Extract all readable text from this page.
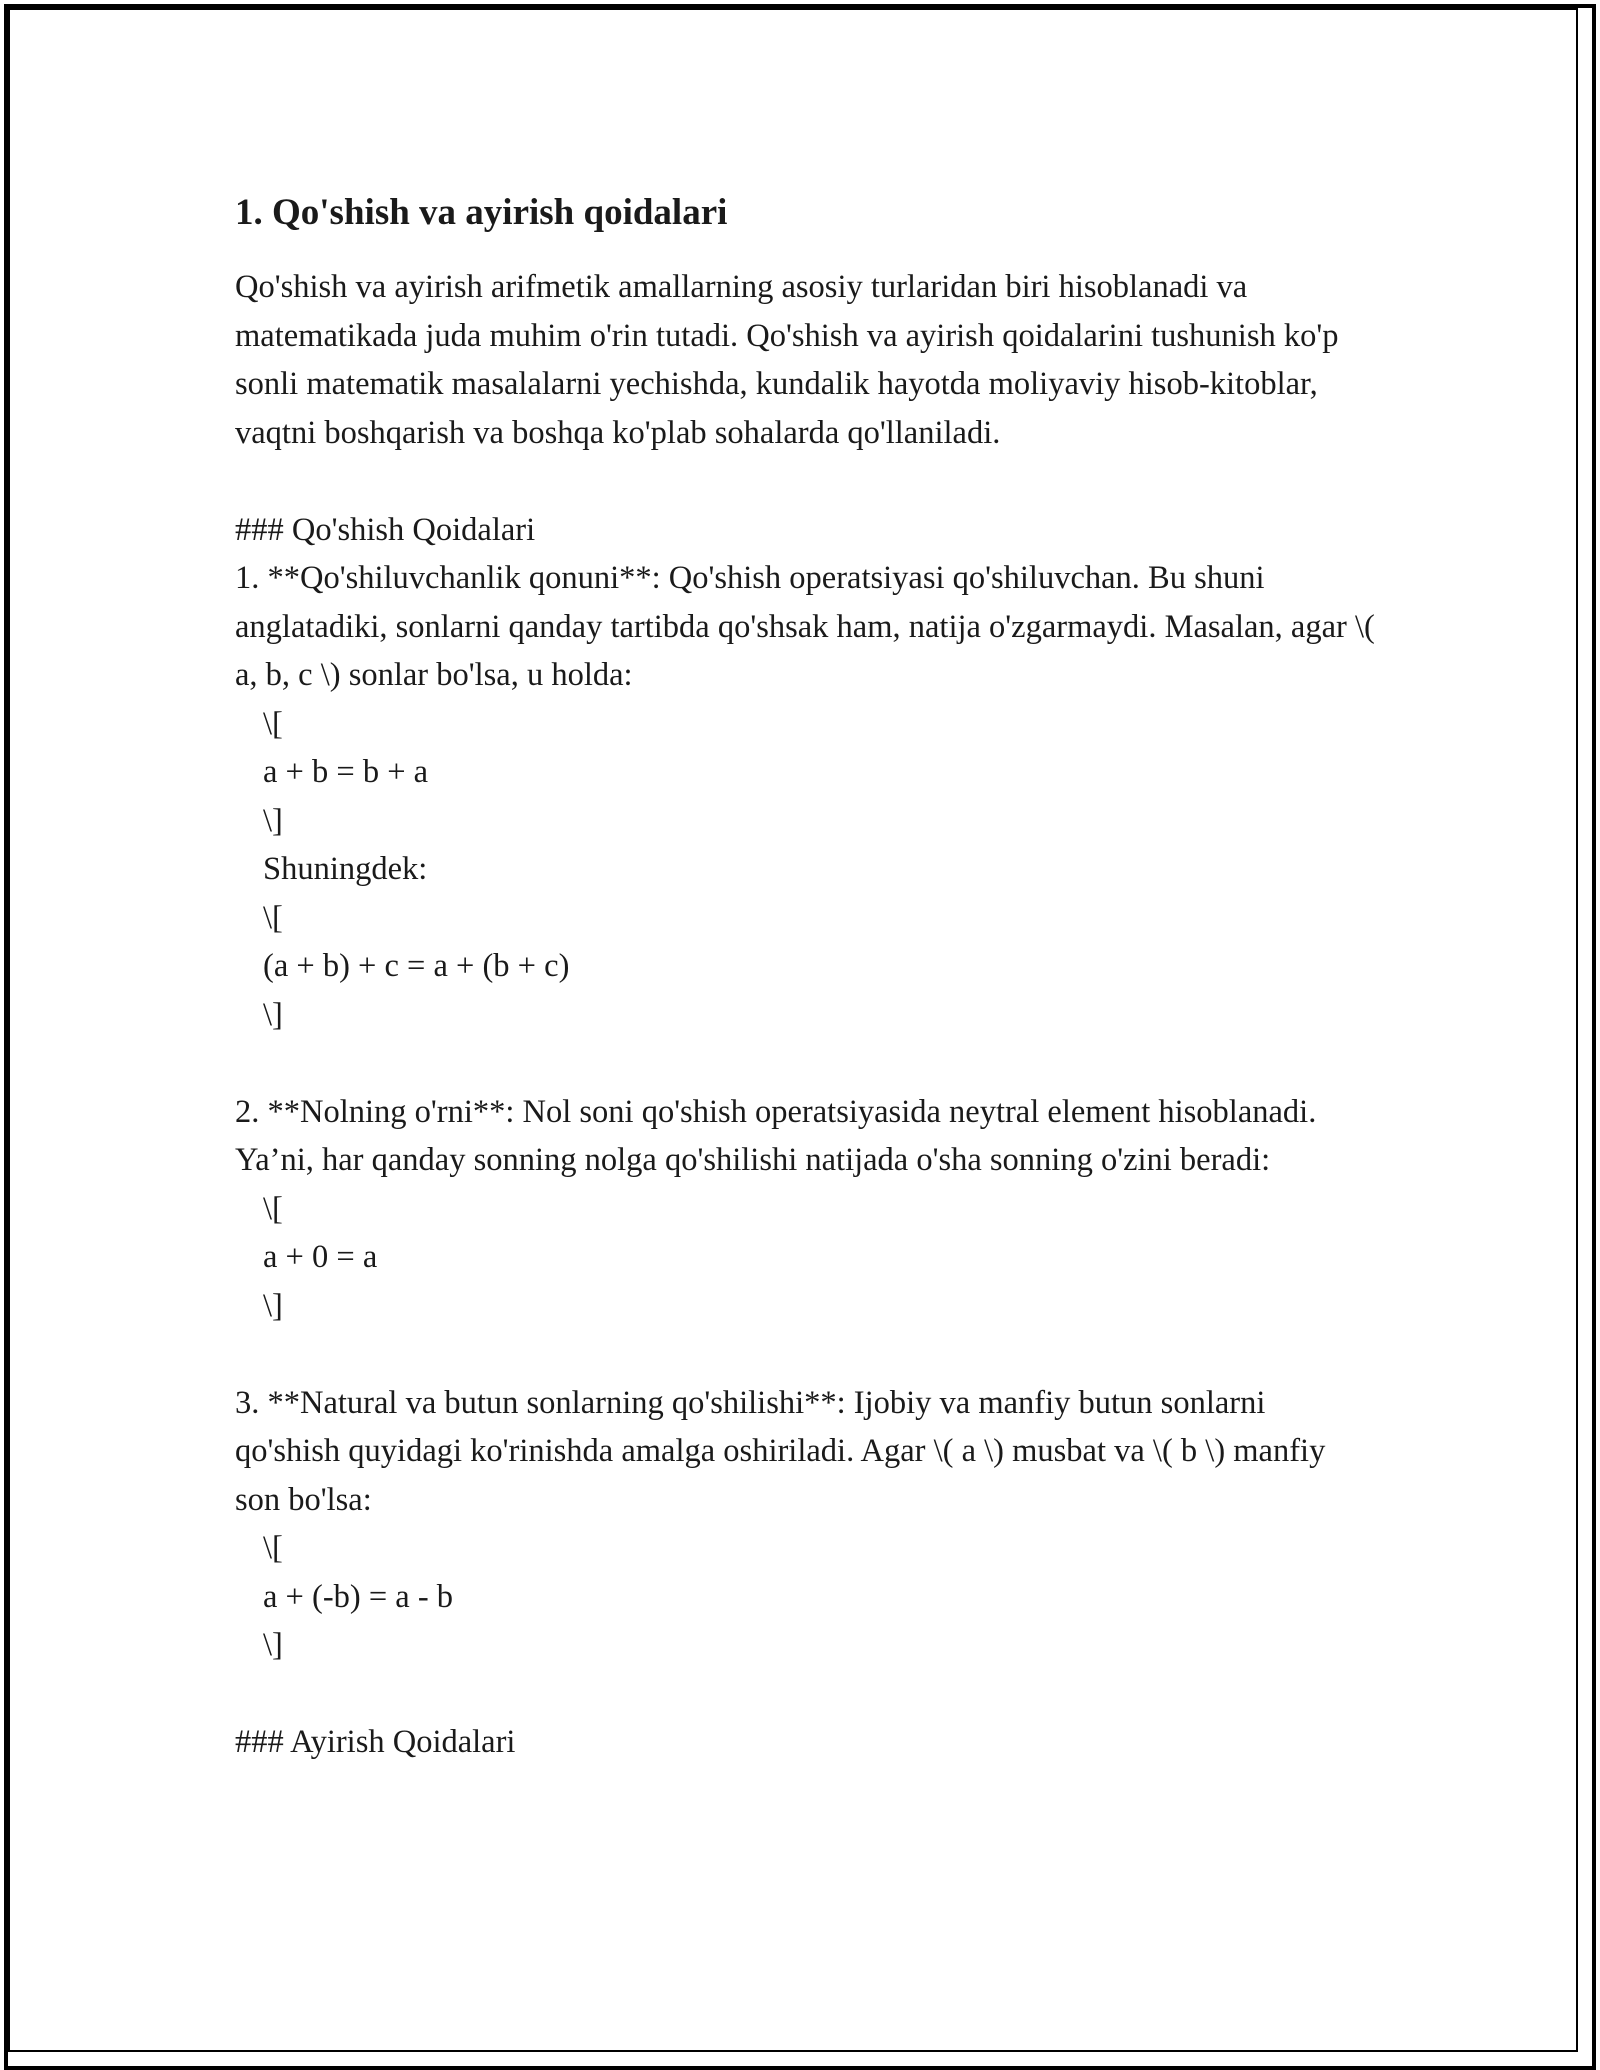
1. Qo'shish va ayirish qoidalari

Qo'shish va ayirish arifmetik amallarning asosiy turlaridan biri hisoblanadi va matematikada juda muhim o'rin tutadi. Qo'shish va ayirish qoidalarini tushunish ko'p sonli matematik masalalarni yechishda, kundalik hayotda moliyaviy hisob-kitoblar, vaqtni boshqarish va boshqa ko'plab sohalarda qo'llaniladi.

### Qo'shish Qoidalari

1. **Qo'shiluvchanlik qonuni**: Qo'shish operatsiyasi qo'shiluvchan. Bu shuni anglatadiki, sonlarni qanday tartibda qo'shsak ham, natija o'zgarmaydi. Masalan, agar \( a, b, c \) sonlar bo'lsa, u holda:

\[
a + b = b + a
\]
Shuningdek:
\[
(a + b) + c = a + (b + c)
\]

2. **Nolning o'rni**: Nol soni qo'shish operatsiyasida neytral element hisoblanadi. Ya’ni, har qanday sonning nolga qo'shilishi natijada o'sha sonning o'zini beradi:

\[
a + 0 = a
\]

3. **Natural va butun sonlarning qo'shilishi**: Ijobiy va manfiy butun sonlarni qo'shish quyidagi ko'rinishda amalga oshiriladi. Agar \( a \) musbat va \( b \) manfiy son bo'lsa:

\[
a + (-b) = a - b
\]
### Ayirish Qoidalari
